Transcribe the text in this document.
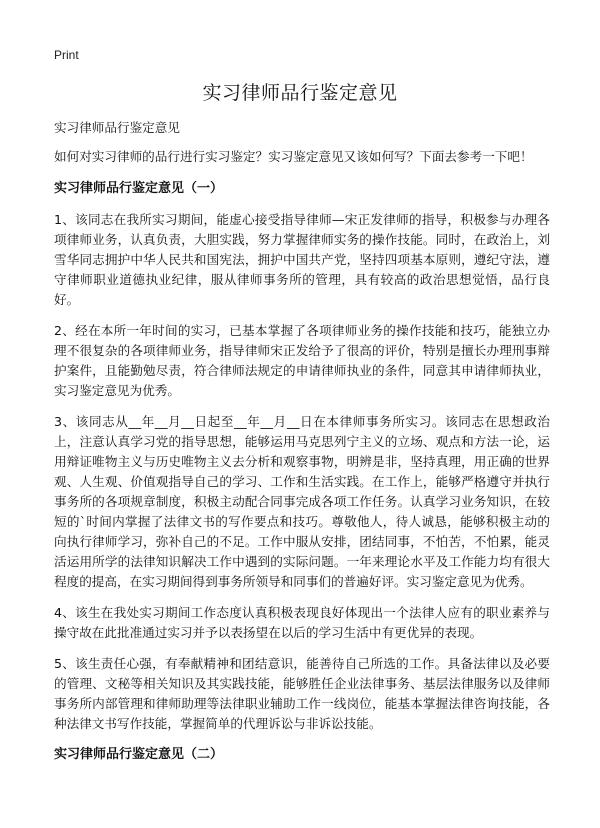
Print
实习律师品行鉴定意见

实习律师品行鉴定意见

如何对实习律师的品行进行实习鉴定？实习鉴定意见又该如何写？下面去参考一下吧！

实习律师品行鉴定意见（一）

1、该同志在我所实习期间，能虚心接受指导律师—宋正发律师的指导，积极参与办理各项律师业务，认真负责，大胆实践，努力掌握律师实务的操作技能。同时，在政治上，刘雪华同志拥护中华人民共和国宪法，拥护中国共产党，坚持四项基本原则，遵纪守法，遵守律师职业道德执业纪律，服从律师事务所的管理，具有较高的政治思想觉悟，品行良好。

2、经在本所一年时间的实习，已基本掌握了各项律师业务的操作技能和技巧，能独立办理不很复杂的各项律师业务，指导律师宋正发给予了很高的评价，特别是擅长办理刑事辩护案件，且能勤勉尽责，符合律师法规定的申请律师执业的条件，同意其申请律师执业，实习鉴定意见为优秀。

3、该同志从__年__月__日起至__年__月__日在本律师事务所实习。该同志在思想政治上，注意认真学习党的指导思想，能够运用马克思列宁主义的立场、观点和方法一论，运用辩证唯物主义与历史唯物主义去分析和观察事物，明辨是非，坚持真理，用正确的世界观、人生观、价值观指导自己的学习、工作和生活实践。在工作上，能够严格遵守并执行事务所的各项规章制度，积极主动配合同事完成各项工作任务。认真学习业务知识，在较短的`时间内掌握了法律文书的写作要点和技巧。尊敬他人，待人诚恳，能够积极主动的向执行律师学习，弥补自己的不足。工作中服从安排，团结同事，不怕苦，不怕累，能灵活运用所学的法律知识解决工作中遇到的实际问题。一年来理论水平及工作能力均有很大程度的提高，在实习期间得到事务所领导和同事们的普遍好评。实习鉴定意见为优秀。

4、该生在我处实习期间工作态度认真积极表现良好体现出一个法律人应有的职业素养与操守故在此批准通过实习并予以表扬望在以后的学习生活中有更优异的表现。

5、该生责任心强，有奉献精神和团结意识，能善待自己所选的工作。具备法律以及必要的管理、文秘等相关知识及其实践技能，能够胜任企业法律事务、基层法律服务以及律师事务所内部管理和律师助理等法律职业辅助工作一线岗位，能基本掌握法律咨询技能，各种法律文书写作技能，掌握简单的代理诉讼与非诉讼技能。

实习律师品行鉴定意见（二）
